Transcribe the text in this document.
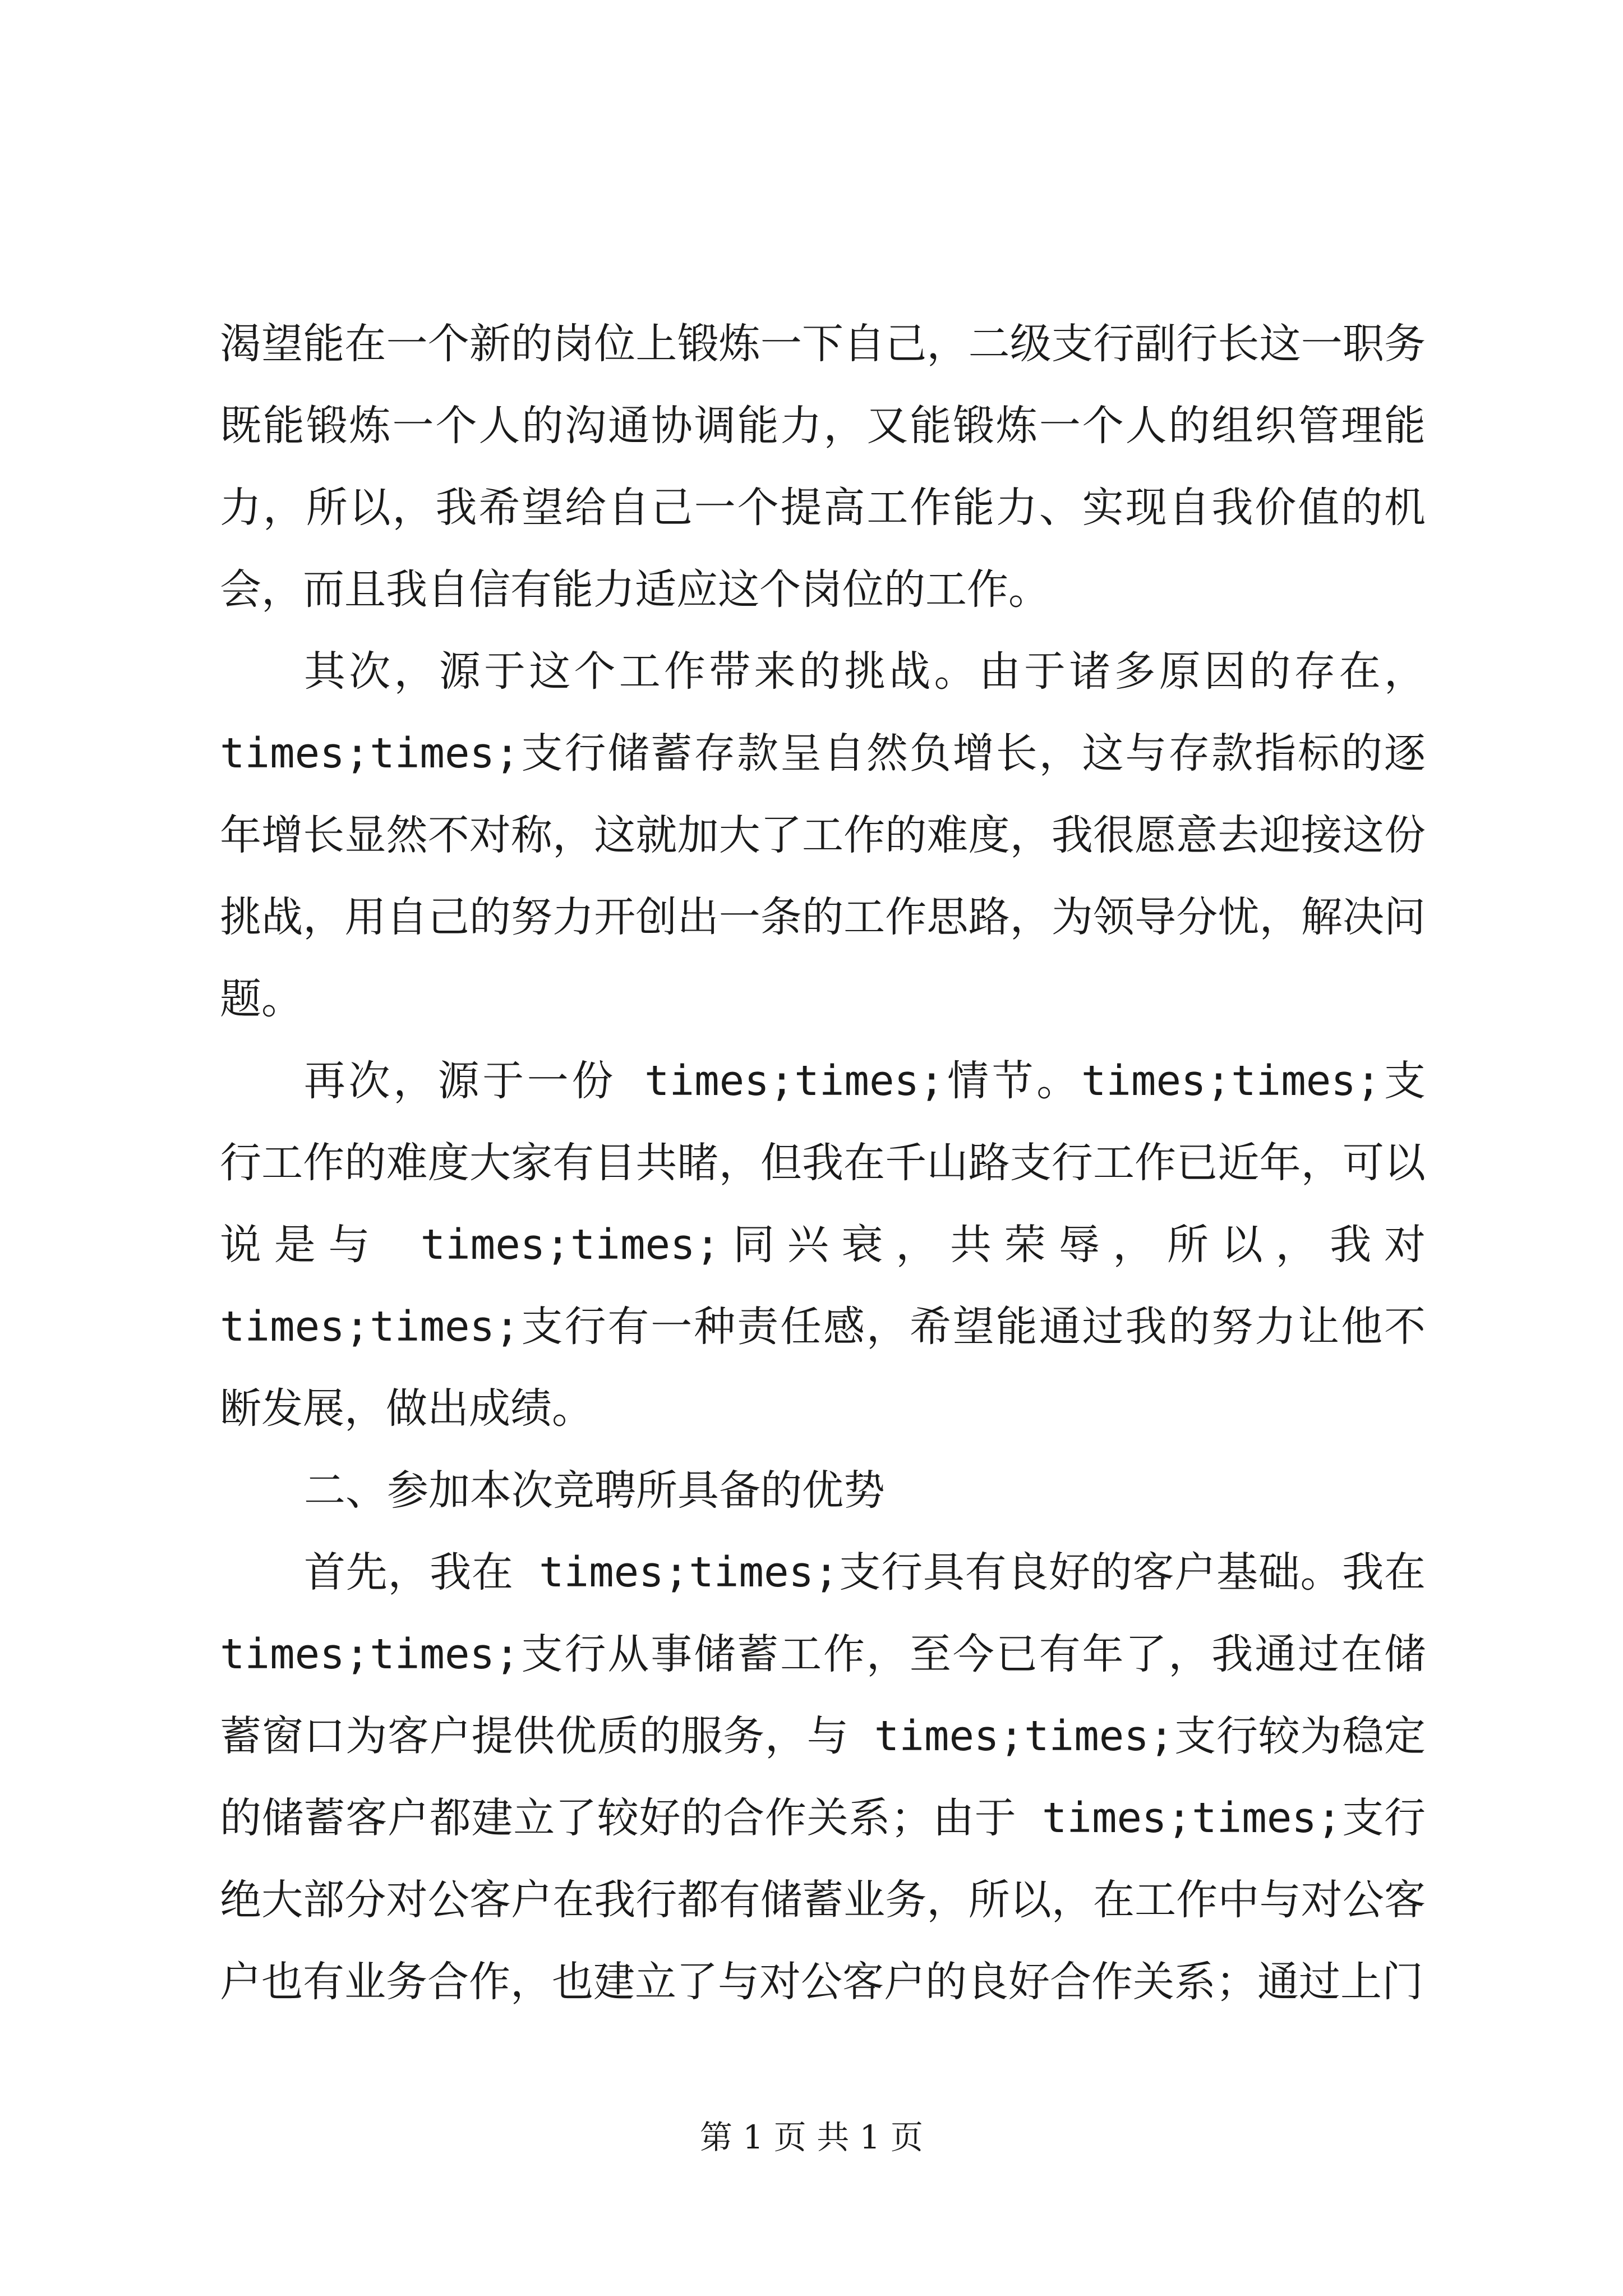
渴望能在一个新的岗位上锻炼一下自己，二级支行副行长这一职务既能锻炼一个人的沟通协调能力，又能锻炼一个人的组织管理能力，所以，我希望给自己一个提高工作能力、实现自我价值的机会，而且我自信有能力适应这个岗位的工作。

其次，源于这个工作带来的挑战。由于诸多原因的存在，times;times;支行储蓄存款呈自然负增长，这与存款指标的逐年增长显然不对称，这就加大了工作的难度，我很愿意去迎接这份挑战，用自己的努力开创出一条的工作思路，为领导分忧，解决问题。

再次，源于一份 times;times;情节。times;times;支行工作的难度大家有目共睹，但我在千山路支行工作已近年，可以说是与 times;times;同兴衰，共荣辱，所以，我对 times;times;支行有一种责任感，希望能通过我的努力让他不断发展，做出成绩。

二、参加本次竞聘所具备的优势

首先，我在 times;times;支行具有良好的客户基础。我在times;times;支行从事储蓄工作，至今已有年了，我通过在储蓄窗口为客户提供优质的服务，与 times;times;支行较为稳定的储蓄客户都建立了较好的合作关系；由于 times;times;支行绝大部分对公客户在我行都有储蓄业务，所以，在工作中与对公客户也有业务合作，也建立了与对公客户的良好合作关系；通过上门

第 1 页 共 1 页
